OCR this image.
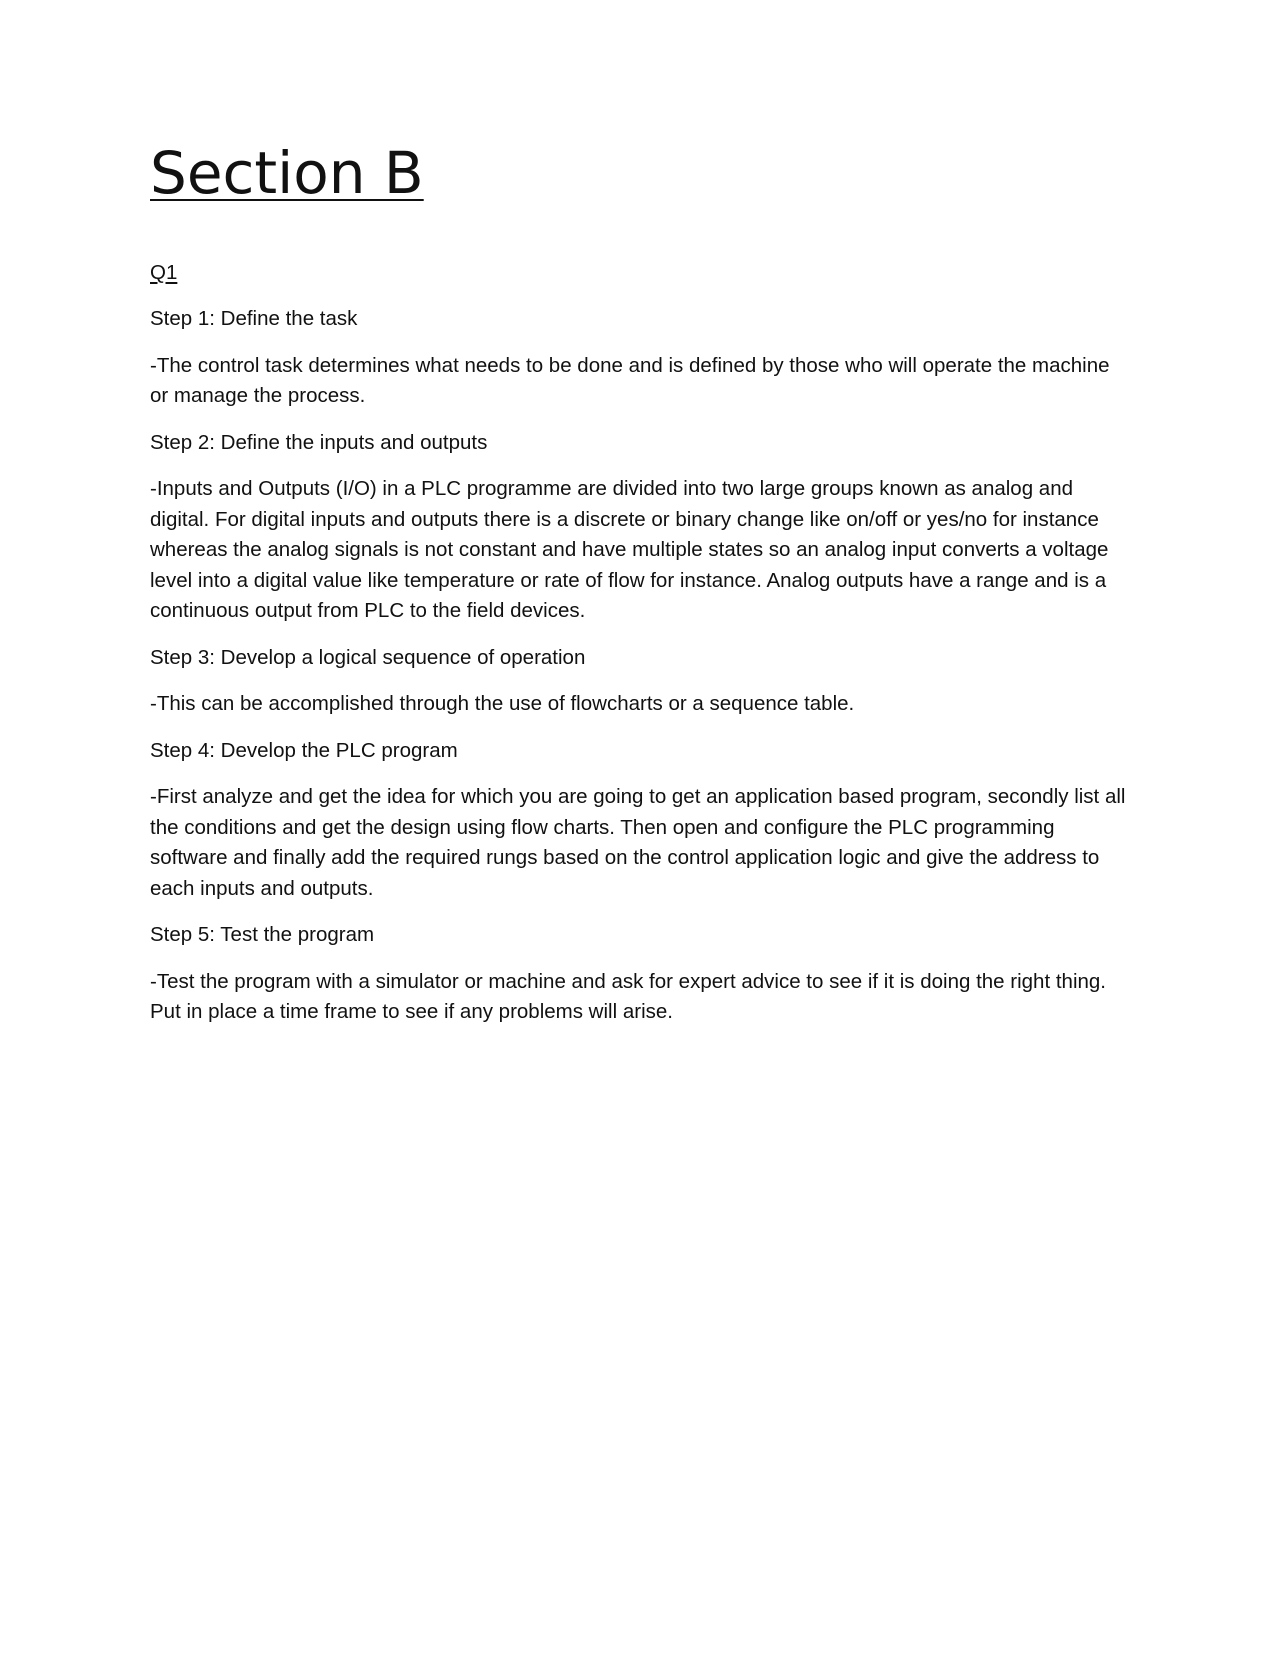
Section B

Q1

Step 1: Define the task

-The control task determines what needs to be done and is defined by those who will operate the machine or manage the process.

Step 2: Define the inputs and outputs

-Inputs and Outputs (I/O) in a PLC programme are divided into two large groups known as analog and digital. For digital inputs and outputs there is a discrete or binary change like on/off or yes/no for instance whereas the analog signals is not constant and have multiple states so an analog input converts a voltage level into a digital value like temperature or rate of flow for instance. Analog outputs have a range and is a continuous output from PLC to the field devices.

Step 3: Develop a logical sequence of operation

-This can be accomplished through the use of flowcharts or a sequence table.

Step 4: Develop the PLC program

-First analyze and get the idea for which you are going to get an application based program, secondly list all the conditions and get the design using flow charts. Then open and configure the PLC programming software and finally add the required rungs based on the control application logic and give the address to each inputs and outputs.

Step 5: Test the program

-Test the program with a simulator or machine and ask for expert advice to see if it is doing the right thing. Put in place a time frame to see if any problems will arise.
